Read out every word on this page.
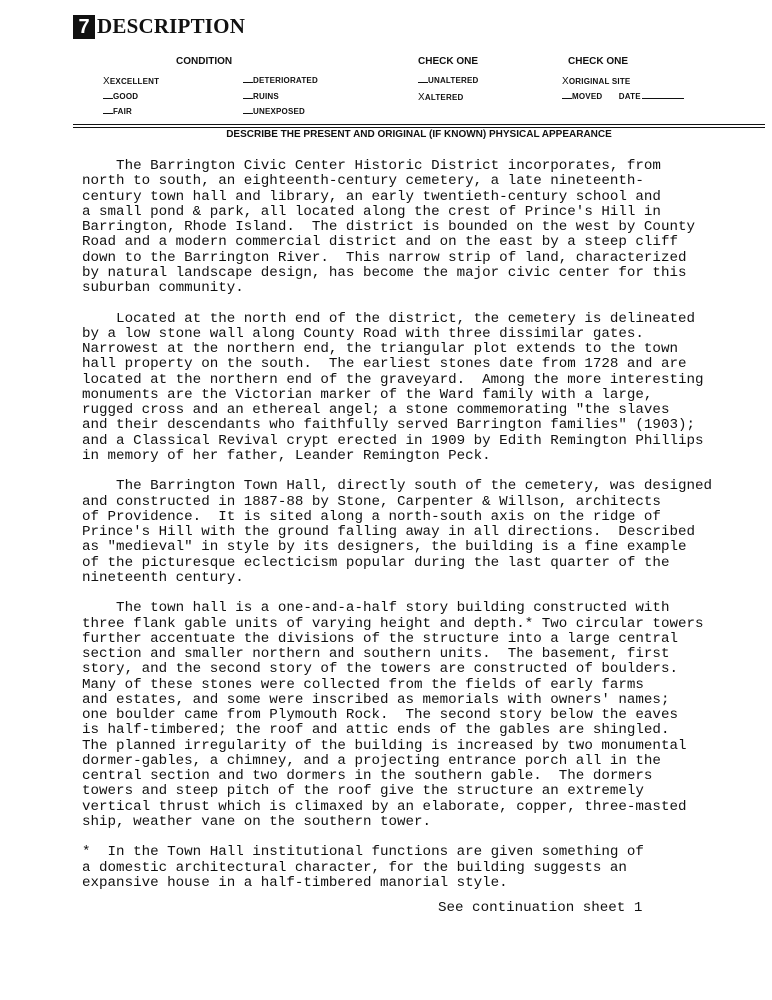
7 DESCRIPTION
CONDITION	CHECK ONE	CHECK ONE
XEXCELLENT
GOOD
FAIR
DETERIORATED
RUINS
UNEXPOSED
UNALTERED
XALTERED
XORIGINAL SITE
MOVED DATE
DESCRIBE THE PRESENT AND ORIGINAL (IF KNOWN) PHYSICAL APPEARANCE
The Barrington Civic Center Historic District incorporates, from
north to south, an eighteenth-century cemetery, a late nineteenth-
century town hall and library, an early twentieth-century school and
a small pond & park, all located along the crest of Prince's Hill in
Barrington, Rhode Island.  The district is bounded on the west by County
Road and a modern commercial district and on the east by a steep cliff
down to the Barrington River.  This narrow strip of land, characterized
by natural landscape design, has become the major civic center for this
suburban community.
Located at the north end of the district, the cemetery is delineated
by a low stone wall along County Road with three dissimilar gates.
Narrowest at the northern end, the triangular plot extends to the town
hall property on the south.  The earliest stones date from 1728 and are
located at the northern end of the graveyard.  Among the more interesting
monuments are the Victorian marker of the Ward family with a large,
rugged cross and an ethereal angel; a stone commemorating "the slaves
and their descendants who faithfully served Barrington families" (1903);
and a Classical Revival crypt erected in 1909 by Edith Remington Phillips
in memory of her father, Leander Remington Peck.
The Barrington Town Hall, directly south of the cemetery, was designed
and constructed in 1887-88 by Stone, Carpenter & Willson, architects
of Providence.  It is sited along a north-south axis on the ridge of
Prince's Hill with the ground falling away in all directions.  Described
as "medieval" in style by its designers, the building is a fine example
of the picturesque eclecticism popular during the last quarter of the
nineteenth century.
The town hall is a one-and-a-half story building constructed with
three flank gable units of varying height and depth.* Two circular towers
further accentuate the divisions of the structure into a large central
section and smaller northern and southern units.  The basement, first
story, and the second story of the towers are constructed of boulders.
Many of these stones were collected from the fields of early farms
and estates, and some were inscribed as memorials with owners' names;
one boulder came from Plymouth Rock.  The second story below the eaves
is half-timbered; the roof and attic ends of the gables are shingled.
The planned irregularity of the building is increased by two monumental
dormer-gables, a chimney, and a projecting entrance porch all in the
central section and two dormers in the southern gable.  The dormers
towers and steep pitch of the roof give the structure an extremely
vertical thrust which is climaxed by an elaborate, copper, three-masted
ship, weather vane on the southern tower.
*  In the Town Hall institutional functions are given something of
a domestic architectural character, for the building suggests an
expansive house in a half-timbered manorial style.
See continuation sheet 1
